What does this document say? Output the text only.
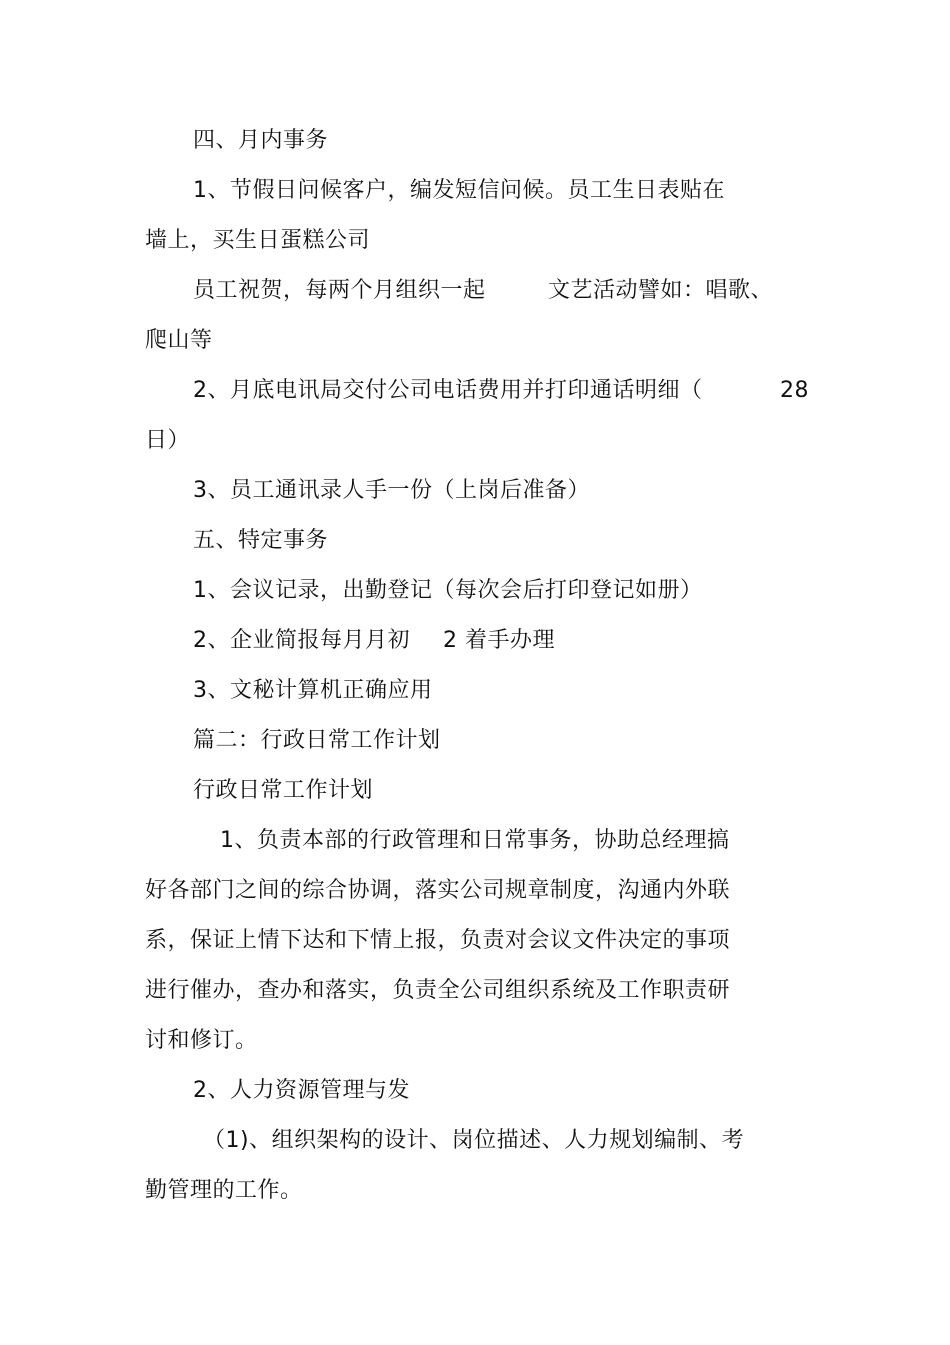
四、月内事务
1、节假日问候客户，编发短信问候。员工生日表贴在
墙上，买生日蛋糕公司
员工祝贺，每两个月组织一起	文艺活动譬如：唱歌、
爬山等
2、月底电讯局交付公司电话费用并打印通话明细（	28
日）
3、员工通讯录人手一份（上岗后准备）
五、特定事务
1、会议记录，出勤登记（每次会后打印登记如册）
2、企业简报每月月初 2 着手办理
3、文秘计算机正确应用
篇二：行政日常工作计划
行政日常工作计划
1、负责本部的行政管理和日常事务，协助总经理搞
好各部门之间的综合协调，落实公司规章制度，沟通内外联
系，保证上情下达和下情上报，负责对会议文件决定的事项
进行催办，查办和落实，负责全公司组织系统及工作职责研
讨和修订。
2、人力资源管理与发
（1)、组织架构的设计、岗位描述、人力规划编制、考
勤管理的工作。
